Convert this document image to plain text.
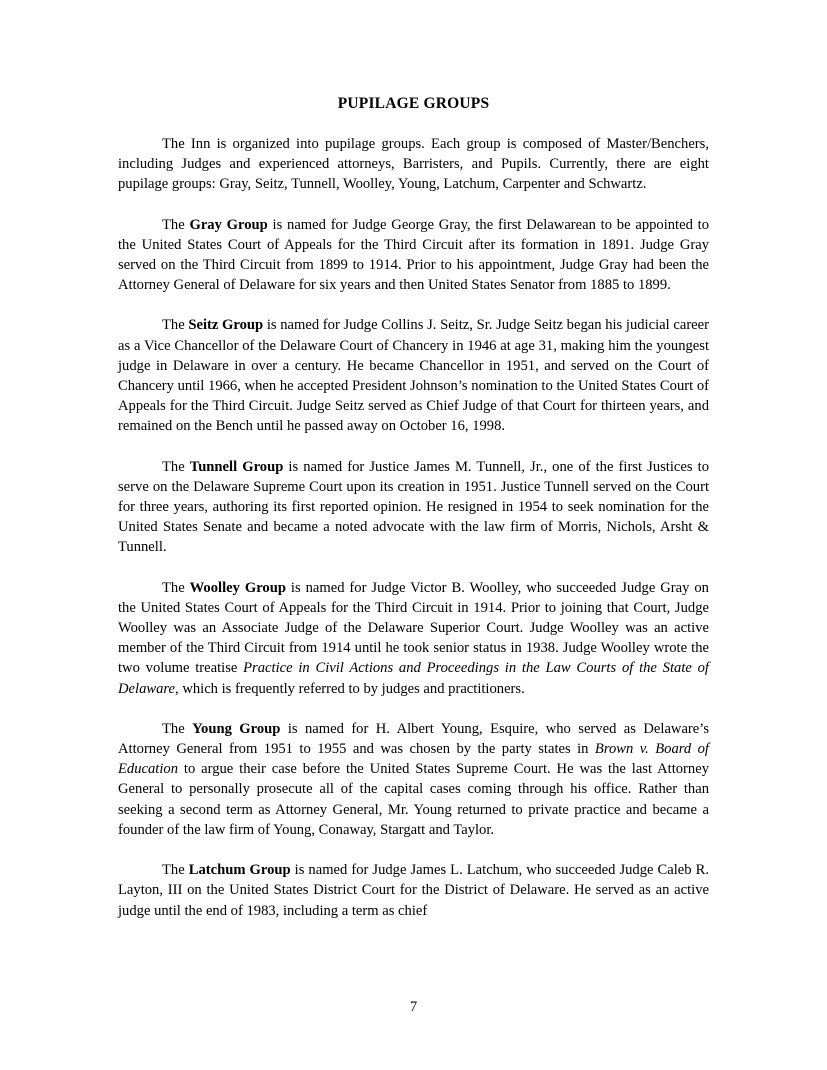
PUPILAGE GROUPS

The Inn is organized into pupilage groups. Each group is composed of Master/Benchers, including Judges and experienced attorneys, Barristers, and Pupils. Currently, there are eight pupilage groups: Gray, Seitz, Tunnell, Woolley, Young, Latchum, Carpenter and Schwartz.

The Gray Group is named for Judge George Gray, the first Delawarean to be appointed to the United States Court of Appeals for the Third Circuit after its formation in 1891. Judge Gray served on the Third Circuit from 1899 to 1914. Prior to his appointment, Judge Gray had been the Attorney General of Delaware for six years and then United States Senator from 1885 to 1899.

The Seitz Group is named for Judge Collins J. Seitz, Sr. Judge Seitz began his judicial career as a Vice Chancellor of the Delaware Court of Chancery in 1946 at age 31, making him the youngest judge in Delaware in over a century. He became Chancellor in 1951, and served on the Court of Chancery until 1966, when he accepted President Johnson’s nomination to the United States Court of Appeals for the Third Circuit. Judge Seitz served as Chief Judge of that Court for thirteen years, and remained on the Bench until he passed away on October 16, 1998.

The Tunnell Group is named for Justice James M. Tunnell, Jr., one of the first Justices to serve on the Delaware Supreme Court upon its creation in 1951. Justice Tunnell served on the Court for three years, authoring its first reported opinion. He resigned in 1954 to seek nomination for the United States Senate and became a noted advocate with the law firm of Morris, Nichols, Arsht & Tunnell.

The Woolley Group is named for Judge Victor B. Woolley, who succeeded Judge Gray on the United States Court of Appeals for the Third Circuit in 1914. Prior to joining that Court, Judge Woolley was an Associate Judge of the Delaware Superior Court. Judge Woolley was an active member of the Third Circuit from 1914 until he took senior status in 1938. Judge Woolley wrote the two volume treatise Practice in Civil Actions and Proceedings in the Law Courts of the State of Delaware, which is frequently referred to by judges and practitioners.

The Young Group is named for H. Albert Young, Esquire, who served as Delaware’s Attorney General from 1951 to 1955 and was chosen by the party states in Brown v. Board of Education to argue their case before the United States Supreme Court. He was the last Attorney General to personally prosecute all of the capital cases coming through his office. Rather than seeking a second term as Attorney General, Mr. Young returned to private practice and became a founder of the law firm of Young, Conaway, Stargatt and Taylor.

The Latchum Group is named for Judge James L. Latchum, who succeeded Judge Caleb R. Layton, III on the United States District Court for the District of Delaware. He served as an active judge until the end of 1983, including a term as chief

7
